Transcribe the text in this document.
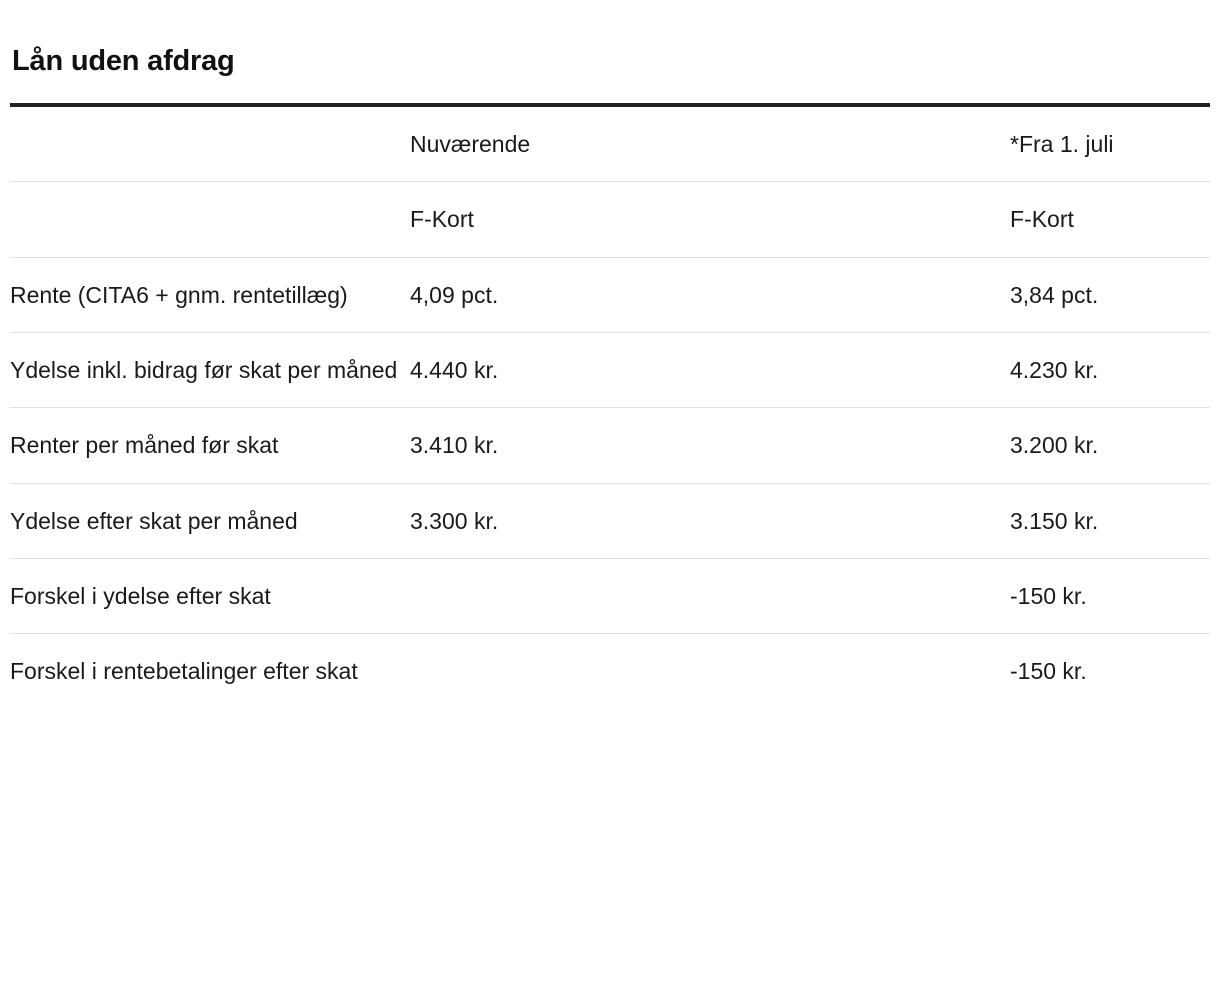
Lån uden afdrag
	Nuværende	*Fra 1. juli
	F-Kort	F-Kort
Rente (CITA6 + gnm. rentetillæg)	4,09 pct.	3,84 pct.
Ydelse inkl. bidrag før skat per måned	4.440 kr.	4.230 kr.
Renter per måned før skat	3.410 kr.	3.200 kr.
Ydelse efter skat per måned	3.300 kr.	3.150 kr.
Forskel i ydelse efter skat		-150 kr.
Forskel i rentebetalinger efter skat		-150 kr.
